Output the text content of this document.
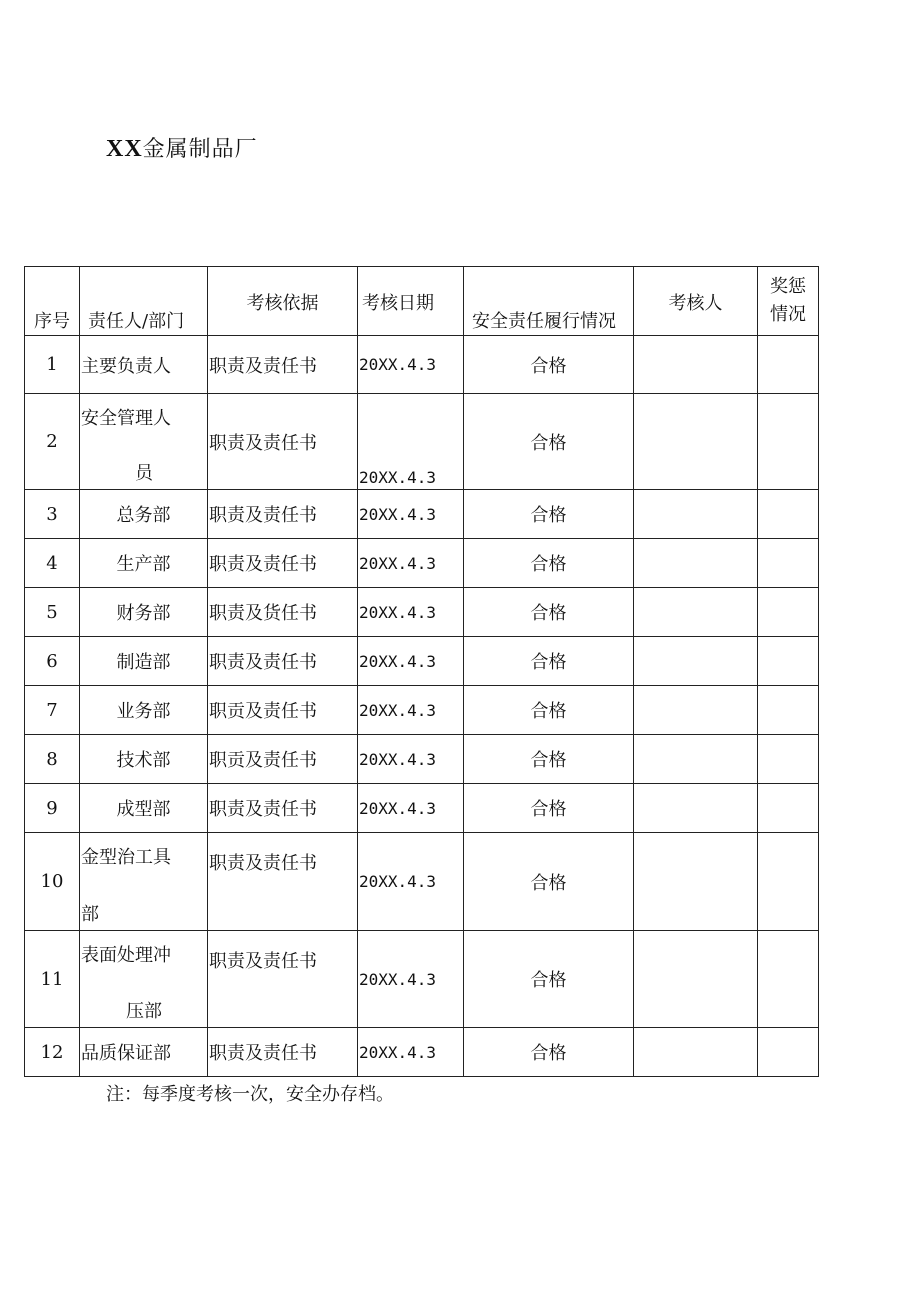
XX金属制品厂
序号	责任人/部门	考核依据	考核日期	安全责任履行情况	考核人	奖惩
情况

1	主要负责人	职责及责任书	20XX.4.3	合格		
2	安全管理人
员	职责及责任书	20XX.4.3	合格		
3	总务部	职责及责任书	20XX.4.3	合格		
4	生产部	职责及责任书	20XX.4.3	合格		
5	财务部	职责及货任书	20XX.4.3	合格		
6	制造部	职责及责任书	20XX.4.3	合格		
7	业务部	职贡及责任书	20XX.4.3	合格		
8	技术部	职贡及责任书	20XX.4.3	合格		
9	成型部	职责及责任书	20XX.4.3	合格		
10	金型治工具
部	职责及责任书	20XX.4.3	合格		
11	表面处理冲
压部	职责及责任书	20XX.4.3	合格		
12	品质保证部	职责及责任书	20XX.4.3	合格		
注：每季度考核一次，安全办存档。
